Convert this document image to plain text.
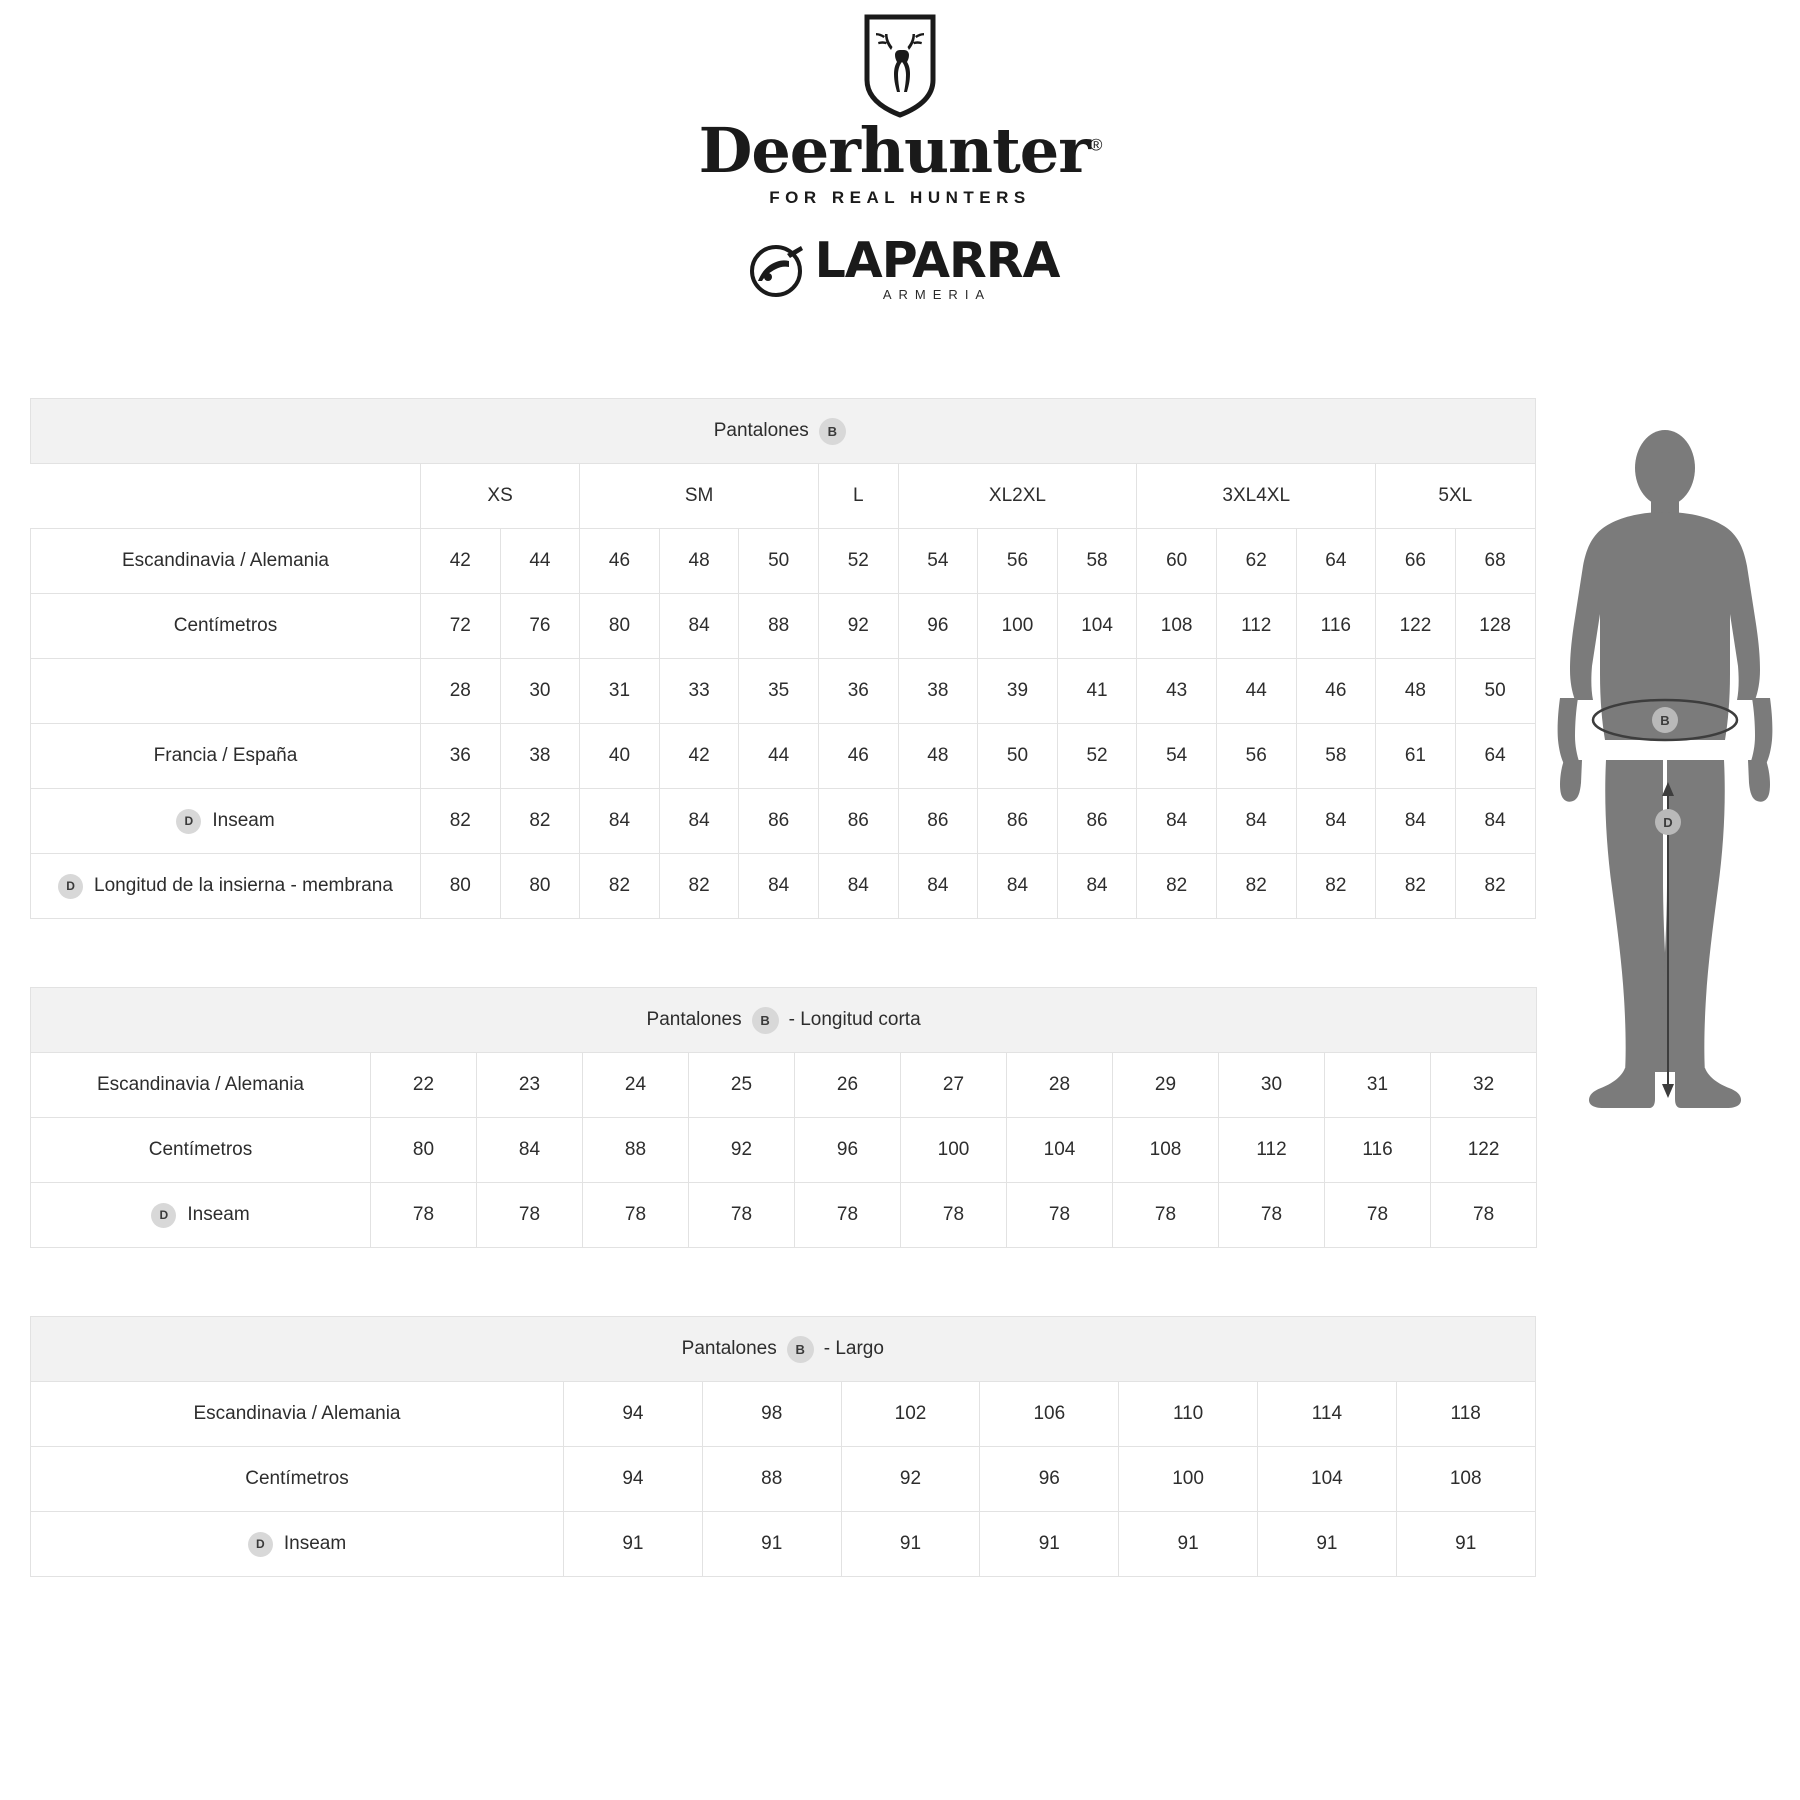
Deerhunter®
FOR REAL HUNTERS
LAPARRA
ARMERIA
Pantalones B														

	XS		SM			L	XL2XL			3XL4XL			5XL	
Escandinavia / Alemania	42	44	46	48	50	52	54	56	58	60	62	64	66	68
Centímetros	72	76	80	84	88	92	96	100	104	108	112	116	122	128
	28	30	31	33	35	36	38	39	41	43	44	46	48	50
Francia / España	36	38	40	42	44	46	48	50	52	54	56	58	61	64

D Inseam	82	82	84	84	86	86	86	86	86	84	84	84	84	84

D Longitud de la insierna - membrana	80	80	82	82	84	84	84	84	84	82	82	82	82	82
Pantalones B - Longitud corta											

Escandinavia / Alemania	22	23	24	25	26	27	28	29	30	31	32
Centímetros	80	84	88	92	96	100	104	108	112	116	122

D Inseam	78	78	78	78	78	78	78	78	78	78	78
Pantalones B - Largo							

Escandinavia / Alemania	94	98	102	106	110	114	118
Centímetros	94	88	92	96	100	104	108

D Inseam	91	91	91	91	91	91	91
B
D
